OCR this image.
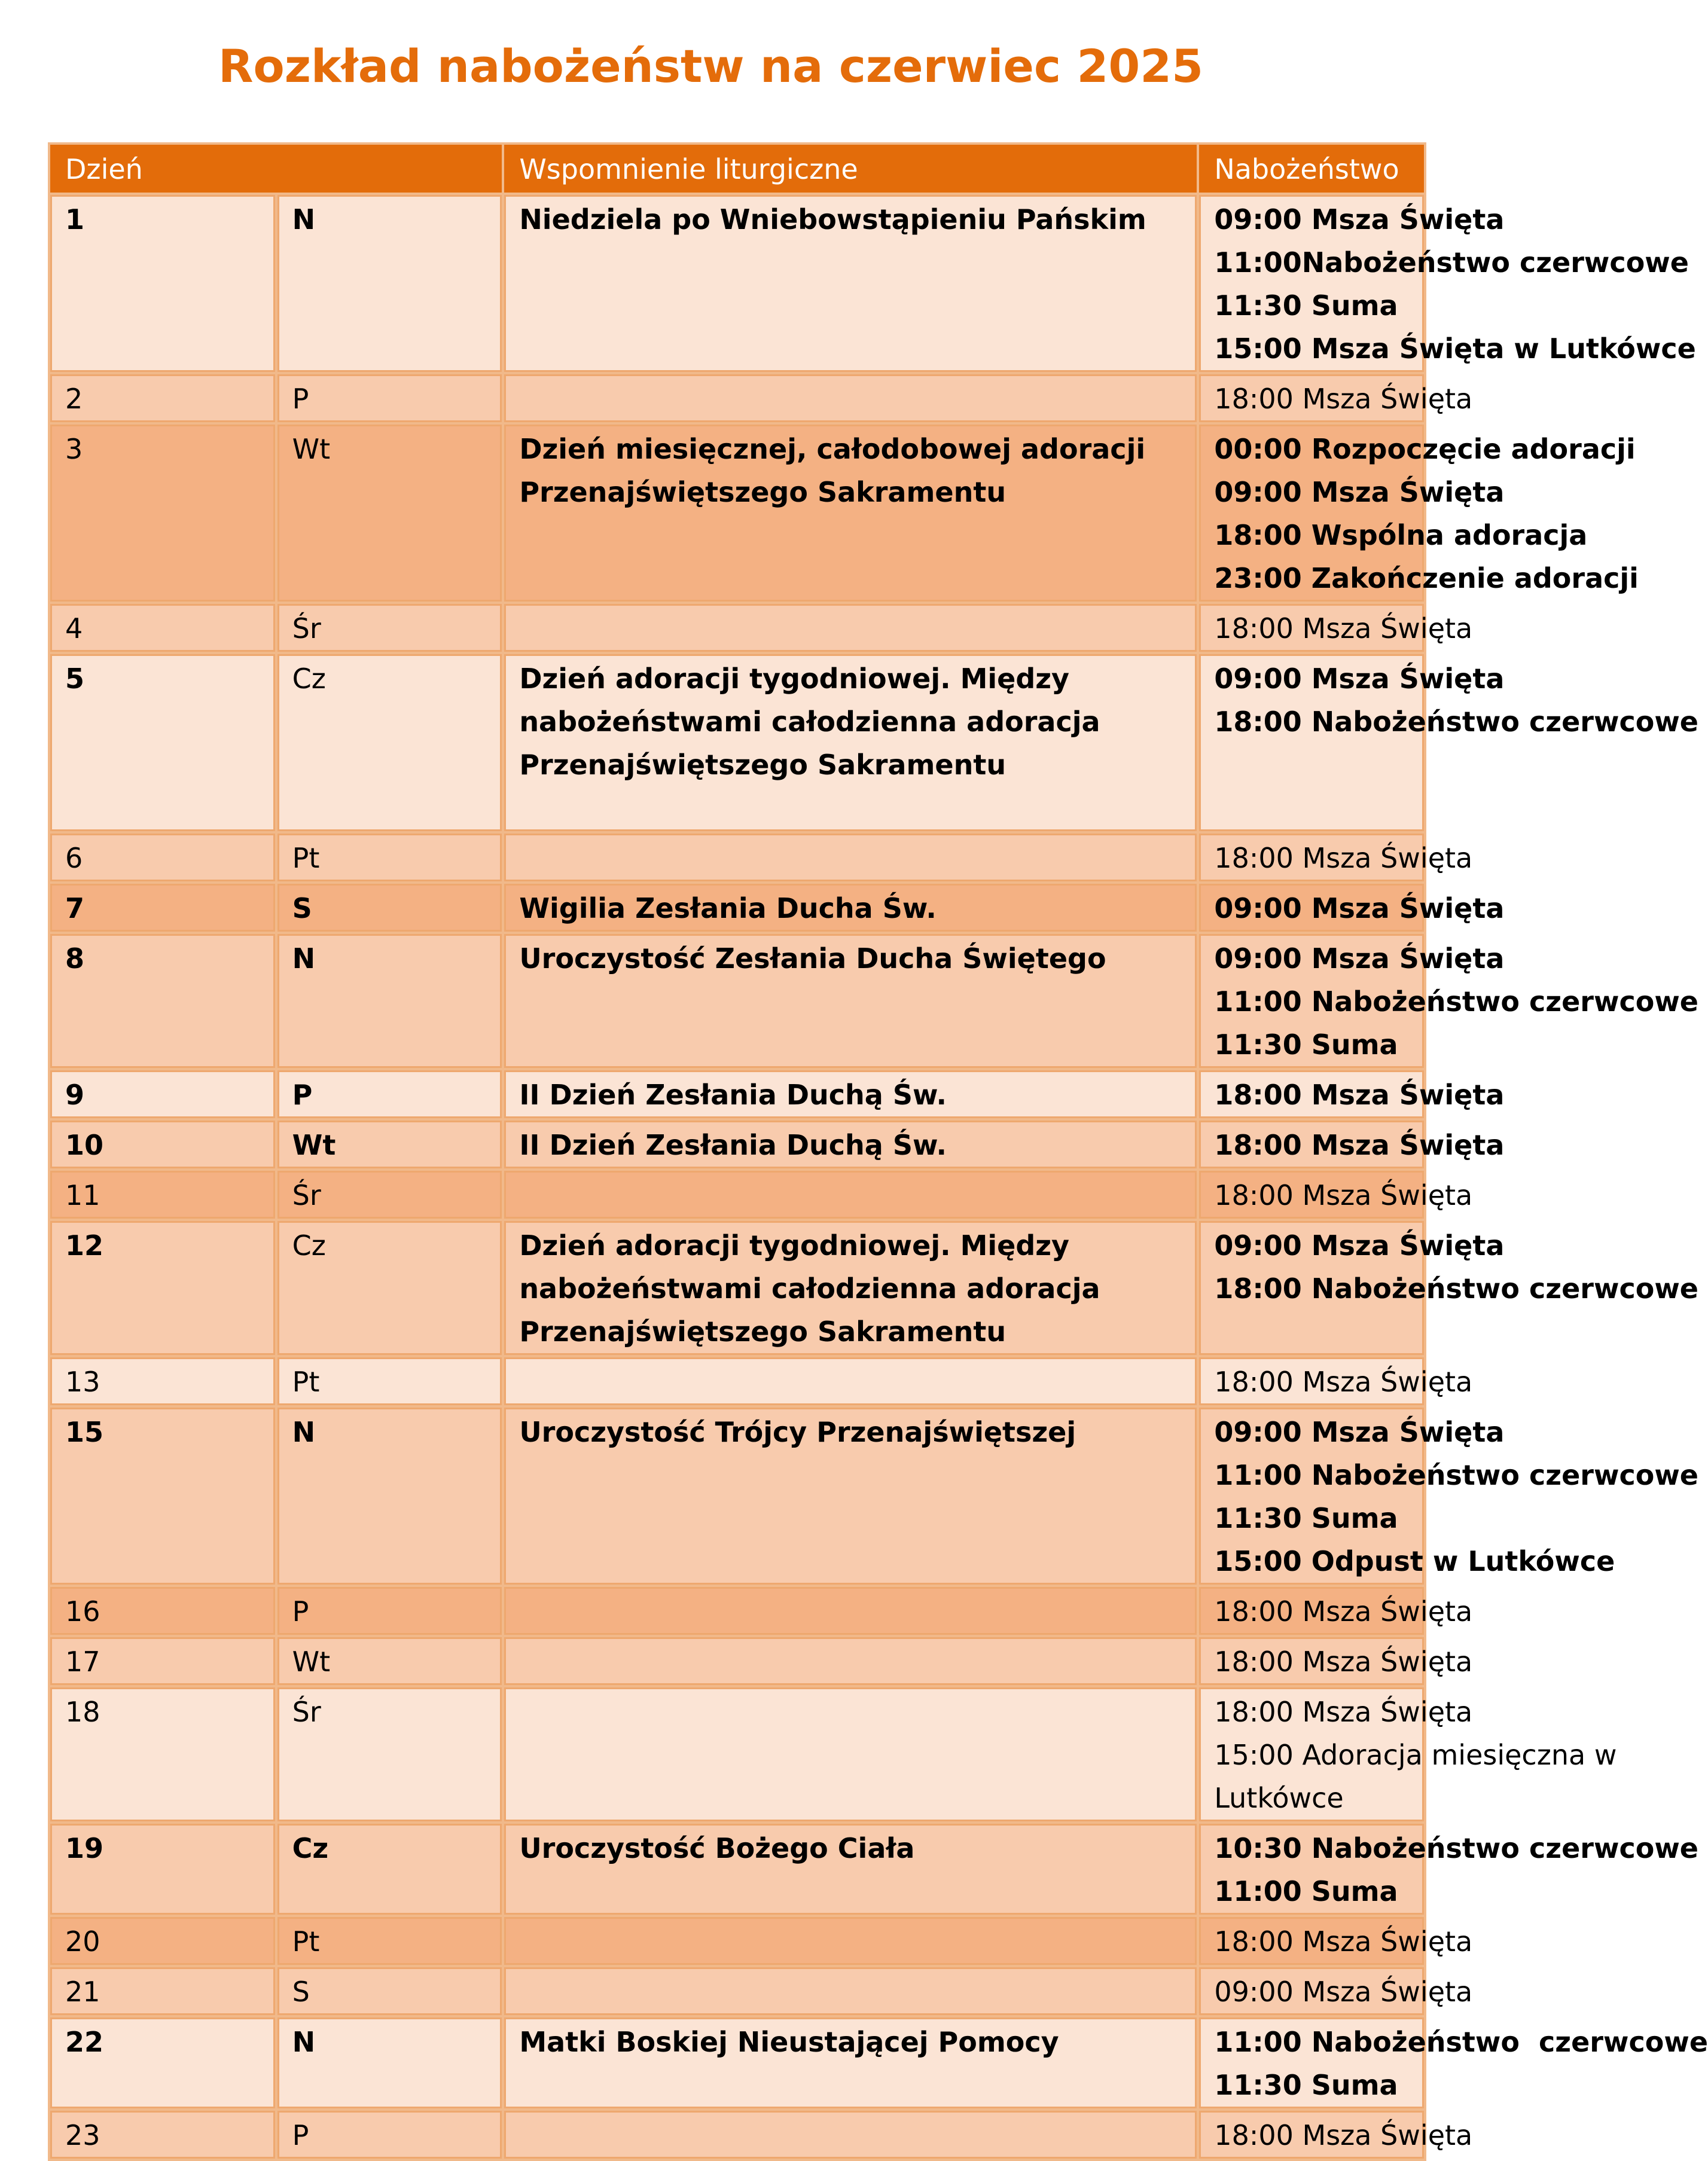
Rozkład nabożeństw na czerwiec 2025
Dzień		Wspomnienie liturgiczne	Nabożeństwo
1	N	Niedziela po Wniebowstąpieniu Pańskim	09:00 Msza Święta
11:00Nabożeństwo czerwcowe
11:30 Suma
15:00 Msza Święta w Lutkówce

2	P		18:00 Msza Święta

3	Wt	Dzień miesięcznej, całodobowej adoracji
Przenajświętszego Sakramentu	00:00 Rozpoczęcie adoracji
09:00 Msza Święta
18:00 Wspólna adoracja
23:00 Zakończenie adoracji

4	Śr		18:00 Msza Święta

5	Cz	Dzień adoracji tygodniowej. Między
nabożeństwami całodzienna adoracja
Przenajświętszego Sakramentu	09:00 Msza Święta
18:00 Nabożeństwo czerwcowe

6	Pt		18:00 Msza Święta

7	S	Wigilia Zesłania Ducha Św.	09:00 Msza Święta

8	N	Uroczystość Zesłania Ducha Świętego	09:00 Msza Święta
11:00 Nabożeństwo czerwcowe
11:30 Suma

9	P	II Dzień Zesłania Duchą Św.	18:00 Msza Święta

10	Wt	II Dzień Zesłania Duchą Św.	18:00 Msza Święta

11	Śr		18:00 Msza Święta

12	Cz	Dzień adoracji tygodniowej. Między
nabożeństwami całodzienna adoracja
Przenajświętszego Sakramentu	09:00 Msza Święta
18:00 Nabożeństwo czerwcowe

13	Pt		18:00 Msza Święta

15	N	Uroczystość Trójcy Przenajświętszej	09:00 Msza Święta
11:00 Nabożeństwo czerwcowe
11:30 Suma
15:00 Odpust w Lutkówce

16	P		18:00 Msza Święta

17	Wt		18:00 Msza Święta

18	Śr		18:00 Msza Święta
15:00 Adoracja miesięczna w
Lutkówce

19	Cz	Uroczystość Bożego Ciała	10:30 Nabożeństwo czerwcowe
11:00 Suma

20	Pt		18:00 Msza Święta

21	S		09:00 Msza Święta

22	N	Matki Boskiej Nieustającej Pomocy	11:00 Nabożeństwo  czerwcowe
11:30 Suma

23	P		18:00 Msza Święta
